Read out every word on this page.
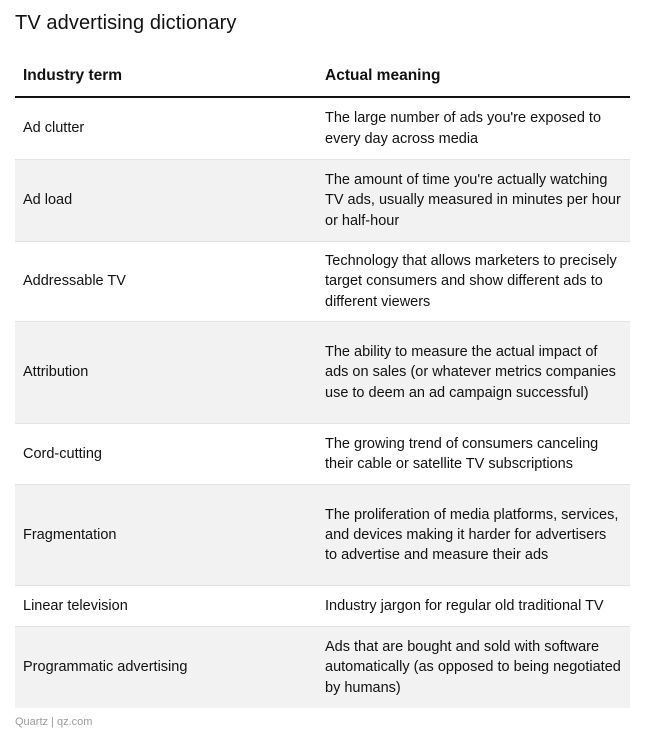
TV advertising dictionary
Industry term	Actual meaning
Ad clutter
The large number of ads you're exposed to every day across media
Ad load
The amount of time you're actually watching TV ads, usually measured in minutes per hour or half-hour
Addressable TV
Technology that allows marketers to precisely target consumers and show different ads to different viewers
Attribution
The ability to measure the actual impact of ads on sales (or whatever metrics companies use to deem an ad campaign successful)
Cord-cutting
The growing trend of consumers canceling their cable or satellite TV subscriptions
Fragmentation
The proliferation of media platforms, services, and devices making it harder for advertisers to advertise and measure their ads
Linear television	Industry jargon for regular old traditional TV
Programmatic advertising
Ads that are bought and sold with software automatically (as opposed to being negotiated by humans)
Quartz | qz.com
